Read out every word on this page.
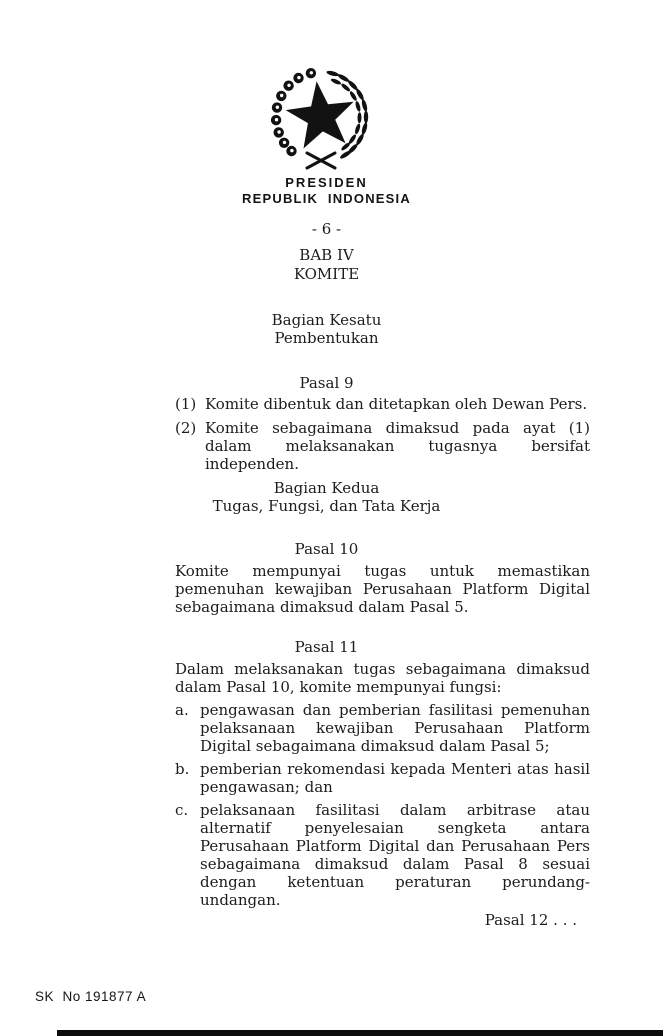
PRESIDEN
REPUBLIK INDONESIA
- 6 -
BAB IV
KOMITE
Bagian Kesatu
Pembentukan
Pasal 9
(1) Komite dibentuk dan ditetapkan oleh Dewan Pers.
(2) Komite sebagaimana dimaksud pada ayat (1) dalam melaksanakan tugasnya bersifat independen.
Bagian Kedua
Tugas, Fungsi, dan Tata Kerja
Pasal 10
Komite mempunyai tugas untuk memastikan pemenuhan kewajiban Perusahaan Platform Digital sebagaimana dimaksud dalam Pasal 5.
Pasal 11
Dalam melaksanakan tugas sebagaimana dimaksud dalam Pasal 10, komite mempunyai fungsi:
a. pengawasan dan pemberian fasilitasi pemenuhan pelaksanaan kewajiban Perusahaan Platform Digital sebagaimana dimaksud dalam Pasal 5;
b. pemberian rekomendasi kepada Menteri atas hasil pengawasan; dan
c. pelaksanaan fasilitasi dalam arbitrase atau alternatif penyelesaian sengketa antara Perusahaan Platform Digital dan Perusahaan Pers sebagaimana dimaksud dalam Pasal 8 sesuai dengan ketentuan peraturan perundang-undangan.
Pasal 12 . . .
SK  No 191877 A
